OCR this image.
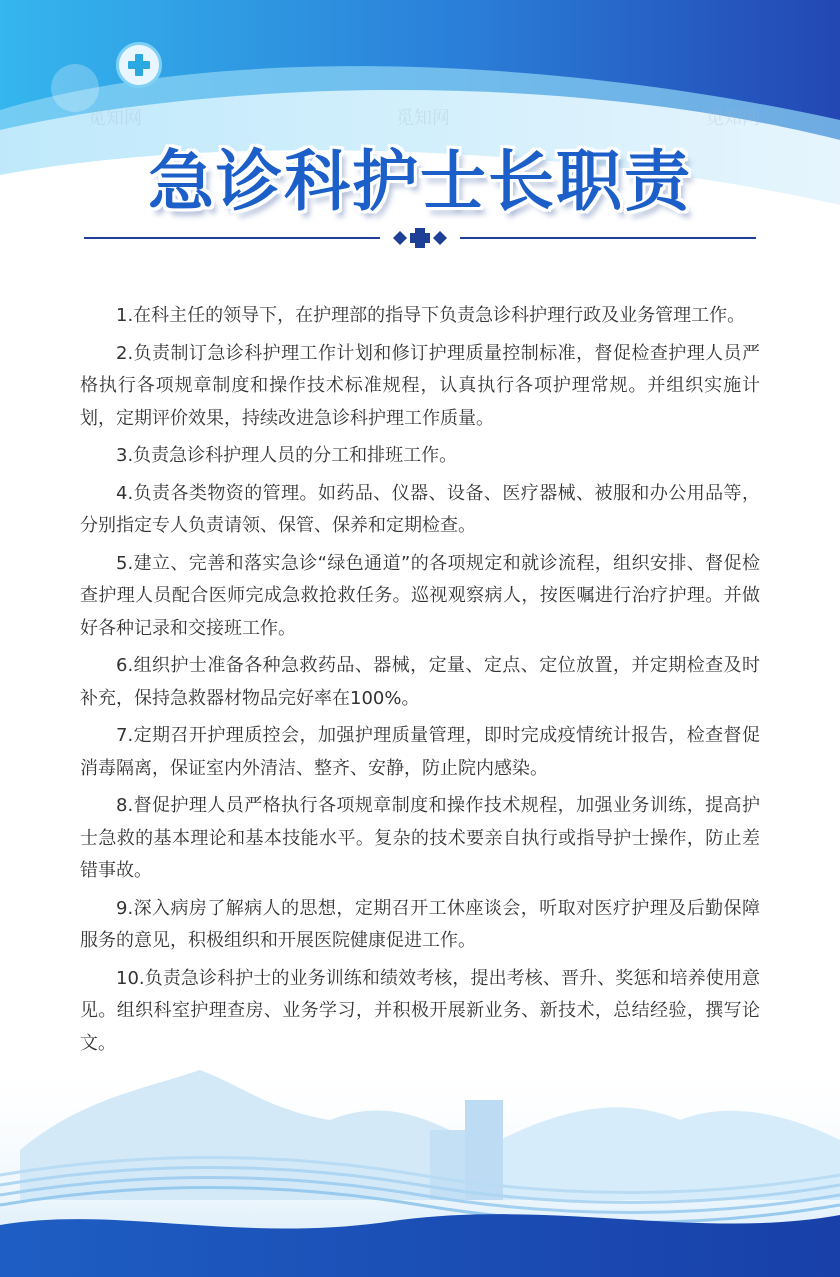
觅知网	觅知网	觅知网
急诊科护士长职责

1.在科主任的领导下，在护理部的指导下负责急诊科护理行政及业务管理工作。

2.负责制订急诊科护理工作计划和修订护理质量控制标准，督促检查护理人员严格执行各项规章制度和操作技术标准规程，认真执行各项护理常规。并组织实施计划，定期评价效果，持续改进急诊科护理工作质量。

3.负责急诊科护理人员的分工和排班工作。

4.负责各类物资的管理。如药品、仪器、设备、医疗器械、被服和办公用品等，分别指定专人负责请领、保管、保养和定期检查。

5.建立、完善和落实急诊“绿色通道”的各项规定和就诊流程，组织安排、督促检查护理人员配合医师完成急救抢救任务。巡视观察病人，按医嘱进行治疗护理。并做好各种记录和交接班工作。

6.组织护士准备各种急救药品、器械，定量、定点、定位放置，并定期检查及时补充，保持急救器材物品完好率在100%。

7.定期召开护理质控会，加强护理质量管理，即时完成疫情统计报告，检查督促消毒隔离，保证室内外清洁、整齐、安静，防止院内感染。

8.督促护理人员严格执行各项规章制度和操作技术规程，加强业务训练，提高护士急救的基本理论和基本技能水平。复杂的技术要亲自执行或指导护士操作，防止差错事故。

9.深入病房了解病人的思想，定期召开工休座谈会，听取对医疗护理及后勤保障服务的意见，积极组织和开展医院健康促进工作。

10.负责急诊科护士的业务训练和绩效考核，提出考核、晋升、奖惩和培养使用意见。组织科室护理查房、业务学习，并积极开展新业务、新技术，总结经验，撰写论文。
